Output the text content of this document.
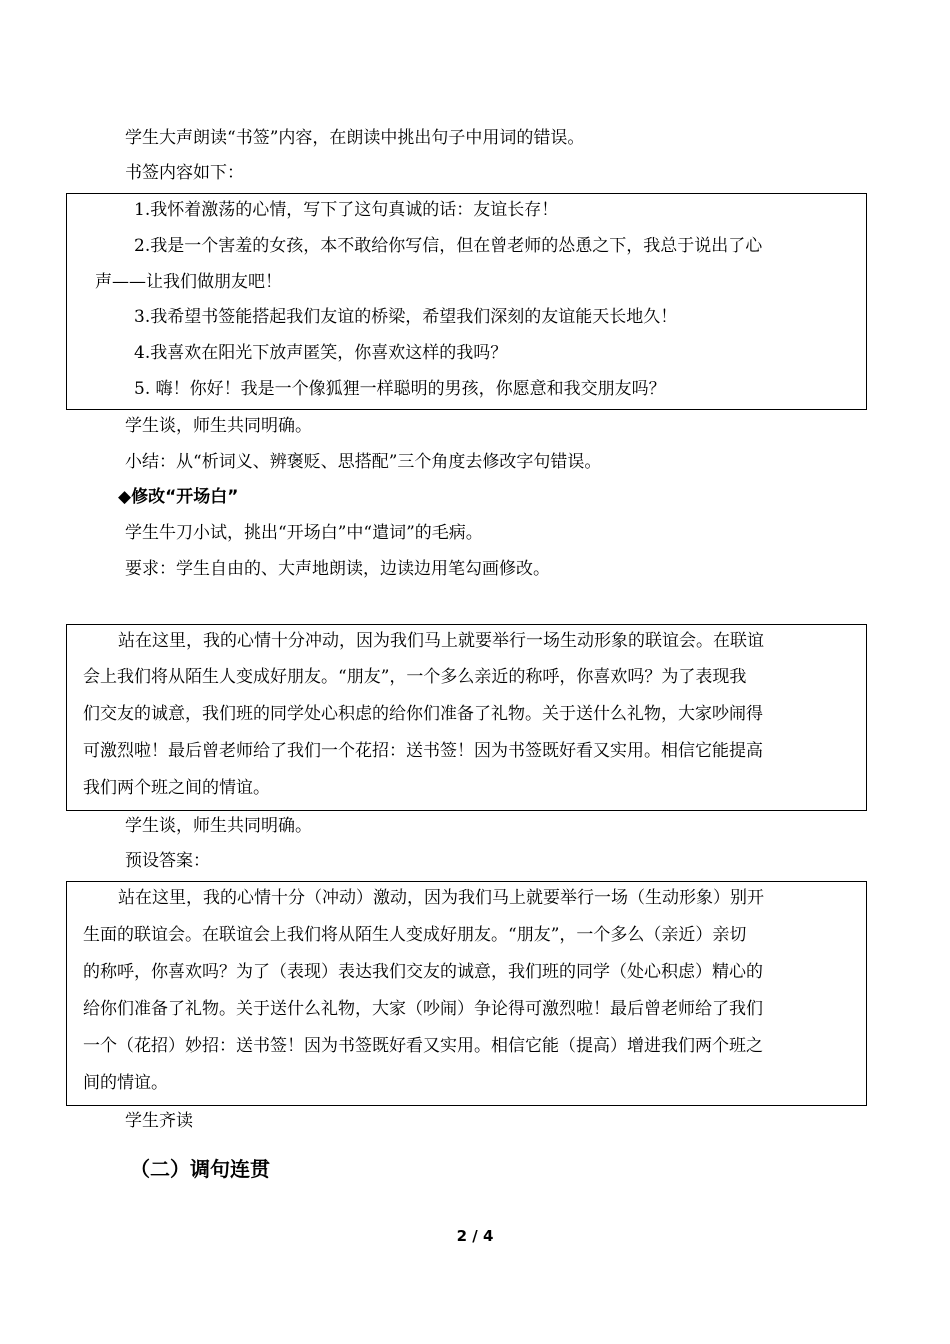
学生大声朗读“书签”内容，在朗读中挑出句子中用词的错误。
书签内容如下：
1.我怀着激荡的心情，写下了这句真诚的话：友谊长存！
2.我是一个害羞的女孩，本不敢给你写信，但在曾老师的怂恿之下，我总于说出了心
声——让我们做朋友吧！
3.我希望书签能搭起我们友谊的桥梁，希望我们深刻的友谊能天长地久！
4.我喜欢在阳光下放声匿笑，你喜欢这样的我吗？
5. 嗨！你好！我是一个像狐狸一样聪明的男孩，你愿意和我交朋友吗？
学生谈，师生共同明确。
小结：从“析词义、辨褒贬、思搭配”三个角度去修改字句错误。
◆修改“开场白”
学生牛刀小试，挑出“开场白”中“遣词”的毛病。
要求：学生自由的、大声地朗读，边读边用笔勾画修改。
站在这里，我的心情十分冲动，因为我们马上就要举行一场生动形象的联谊会。在联谊
会上我们将从陌生人变成好朋友。“朋友”，一个多么亲近的称呼，你喜欢吗？为了表现我
们交友的诚意，我们班的同学处心积虑的给你们准备了礼物。关于送什么礼物，大家吵闹得
可激烈啦！最后曾老师给了我们一个花招：送书签！因为书签既好看又实用。相信它能提高
我们两个班之间的情谊。
学生谈，师生共同明确。
预设答案：
站在这里，我的心情十分（冲动）激动，因为我们马上就要举行一场（生动形象）别开
生面的联谊会。在联谊会上我们将从陌生人变成好朋友。“朋友”，一个多么（亲近）亲切
的称呼，你喜欢吗？为了（表现）表达我们交友的诚意，我们班的同学（处心积虑）精心的
给你们准备了礼物。关于送什么礼物，大家（吵闹）争论得可激烈啦！最后曾老师给了我们
一个（花招）妙招：送书签！因为书签既好看又实用。相信它能（提高）增进我们两个班之
间的情谊。
学生齐读
（二）调句连贯
2 / 4
